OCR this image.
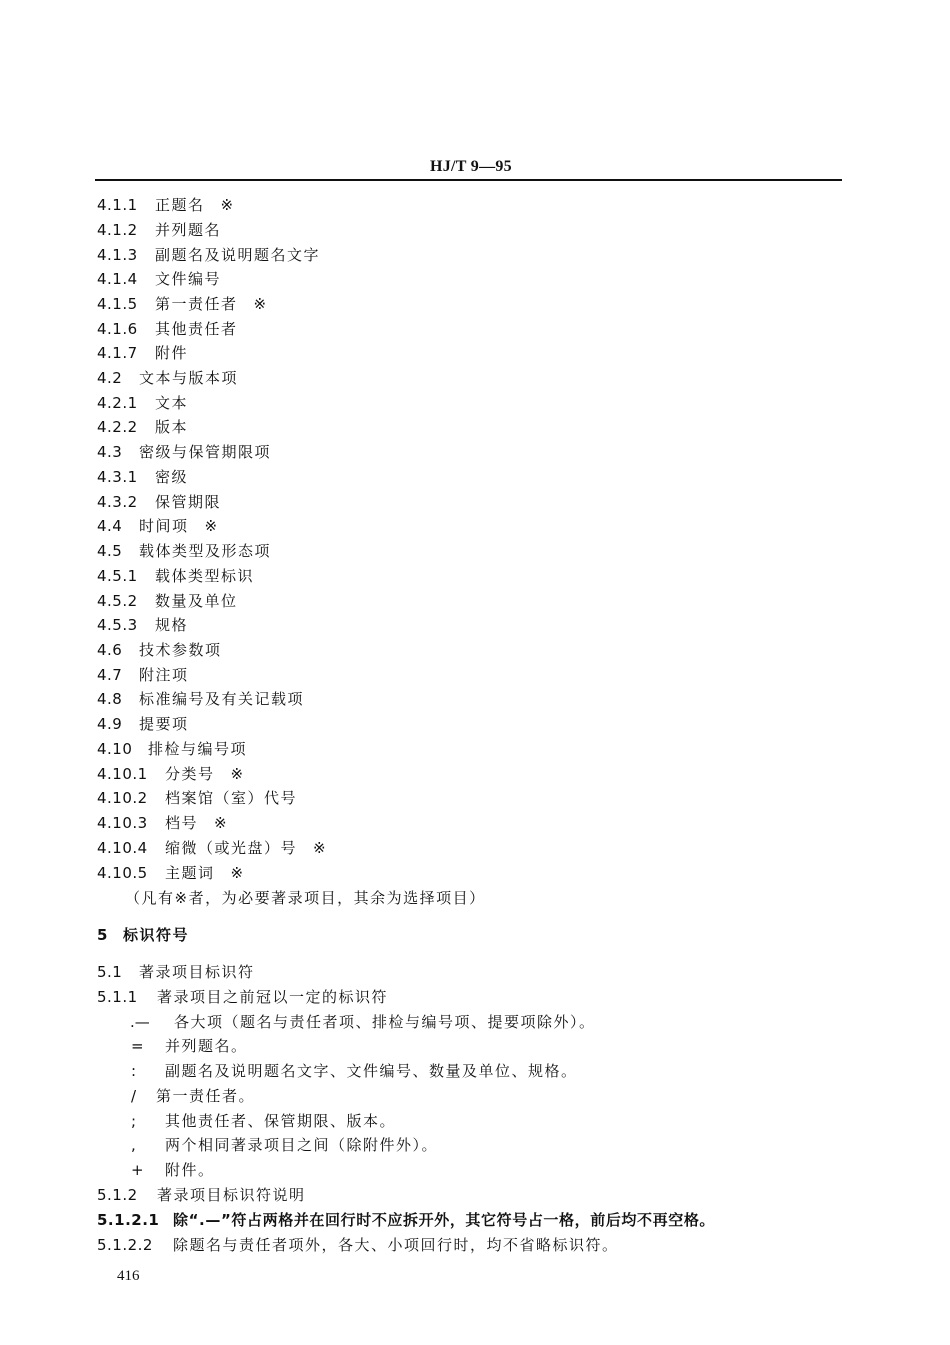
HJ/T 9—95
4.1.1 正题名 ※
4.1.2 并列题名
4.1.3 副题名及说明题名文字
4.1.4 文件编号
4.1.5 第一责任者 ※
4.1.6 其他责任者
4.1.7 附件
4.2 文本与版本项
4.2.1 文本
4.2.2 版本
4.3 密级与保管期限项
4.3.1 密级
4.3.2 保管期限
4.4 时间项 ※
4.5 载体类型及形态项
4.5.1 载体类型标识
4.5.2 数量及单位
4.5.3 规格
4.6 技术参数项
4.7 附注项
4.8 标准编号及有关记载项
4.9 提要项
4.10 排检与编号项
4.10.1 分类号 ※
4.10.2 档案馆（室）代号
4.10.3 档号 ※
4.10.4 缩微（或光盘）号 ※
4.10.5 主题词 ※
（凡有※者，为必要著录项目，其余为选择项目）
5 标识符号
5.1 著录项目标识符
5.1.1 著录项目之前冠以一定的标识符
.— 各大项（题名与责任者项、排检与编号项、提要项除外）。
= 并列题名。
: 副题名及说明题名文字、文件编号、数量及单位、规格。
/ 第一责任者。
; 其他责任者、保管期限、版本。
, 两个相同著录项目之间（除附件外）。
+ 附件。
5.1.2 著录项目标识符说明
5.1.2.1 除“.—”符占两格并在回行时不应拆开外，其它符号占一格，前后均不再空格。
5.1.2.2 除题名与责任者项外，各大、小项回行时，均不省略标识符。
416
